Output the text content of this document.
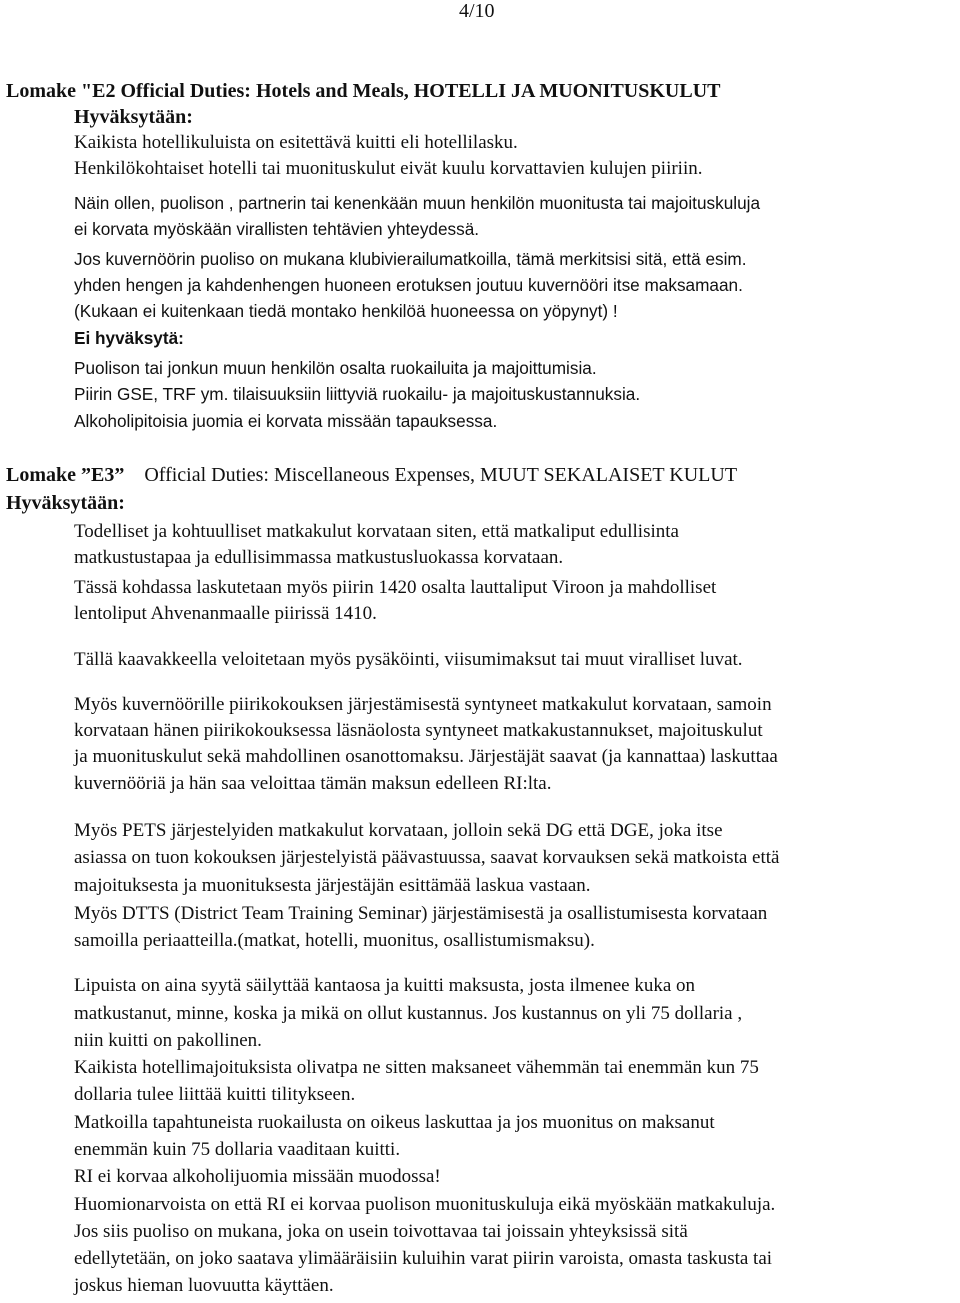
4/10
Lomake "E2 Official Duties: Hotels and Meals, HOTELLI JA MUONITUSKULUT
Hyväksytään:
Kaikista hotellikuluista on esitettävä kuitti eli hotellilasku.
Henkilökohtaiset hotelli tai muonituskulut eivät kuulu korvattavien kulujen piiriin.
Näin ollen, puolison , partnerin tai kenenkään muun henkilön muonitusta tai majoituskuluja
ei korvata myöskään virallisten tehtävien yhteydessä.
Jos kuvernöörin puoliso on mukana klubivierailumatkoilla, tämä merkitsisi sitä, että esim.
yhden hengen ja kahdenhengen huoneen erotuksen joutuu kuvernööri itse maksamaan.
(Kukaan ei kuitenkaan tiedä montako henkilöä huoneessa on yöpynyt) !
Ei hyväksytä:
Puolison tai jonkun muun henkilön osalta ruokailuita ja majoittumisia.
Piirin GSE, TRF ym. tilaisuuksiin liittyviä ruokailu- ja majoituskustannuksia.
Alkoholipitoisia juomia ei korvata missään tapauksessa.
Lomake ”E3” Official Duties: Miscellaneous Expenses, MUUT SEKALAISET KULUT
Hyväksytään:
Todelliset ja kohtuulliset matkakulut korvataan siten, että matkaliput edullisinta
matkustustapaa ja edullisimmassa matkustusluokassa korvataan.
Tässä kohdassa laskutetaan myös piirin 1420 osalta lauttaliput Viroon ja mahdolliset
lentoliput Ahvenanmaalle piirissä 1410.
Tällä kaavakkeella veloitetaan myös pysäköinti, viisumimaksut tai muut viralliset luvat.
Myös kuvernöörille piirikokouksen järjestämisestä syntyneet matkakulut korvataan, samoin
korvataan hänen piirikokouksessa läsnäolosta syntyneet matkakustannukset, majoituskulut
ja muonituskulut sekä mahdollinen osanottomaksu. Järjestäjät saavat (ja kannattaa) laskuttaa
kuvernööriä ja hän saa veloittaa tämän maksun edelleen RI:lta.
Myös PETS järjestelyiden matkakulut korvataan, jolloin sekä DG että DGE, joka itse
asiassa on tuon kokouksen järjestelyistä päävastuussa, saavat korvauksen sekä matkoista että
majoituksesta ja muonituksesta järjestäjän esittämää laskua vastaan.
Myös DTTS (District Team Training Seminar) järjestämisestä ja osallistumisesta korvataan
samoilla periaatteilla.(matkat, hotelli, muonitus, osallistumismaksu).
Lipuista on aina syytä säilyttää kantaosa ja kuitti maksusta, josta ilmenee kuka on
matkustanut, minne, koska ja mikä on ollut kustannus. Jos kustannus on yli 75 dollaria ,
niin kuitti on pakollinen.
Kaikista hotellimajoituksista olivatpa ne sitten maksaneet vähemmän tai enemmän kun 75
dollaria tulee liittää kuitti tilitykseen.
Matkoilla tapahtuneista ruokailusta on oikeus laskuttaa ja jos muonitus on maksanut
enemmän kuin 75 dollaria vaaditaan kuitti.
RI ei korvaa alkoholijuomia missään muodossa!
Huomionarvoista on että RI ei korvaa puolison muonituskuluja eikä myöskään matkakuluja.
Jos siis puoliso on mukana, joka on usein toivottavaa tai joissain yhteyksissä sitä
edellytetään, on joko saatava ylimääräisiin kuluihin varat piirin varoista, omasta taskusta tai
joskus hieman luovuutta käyttäen.
